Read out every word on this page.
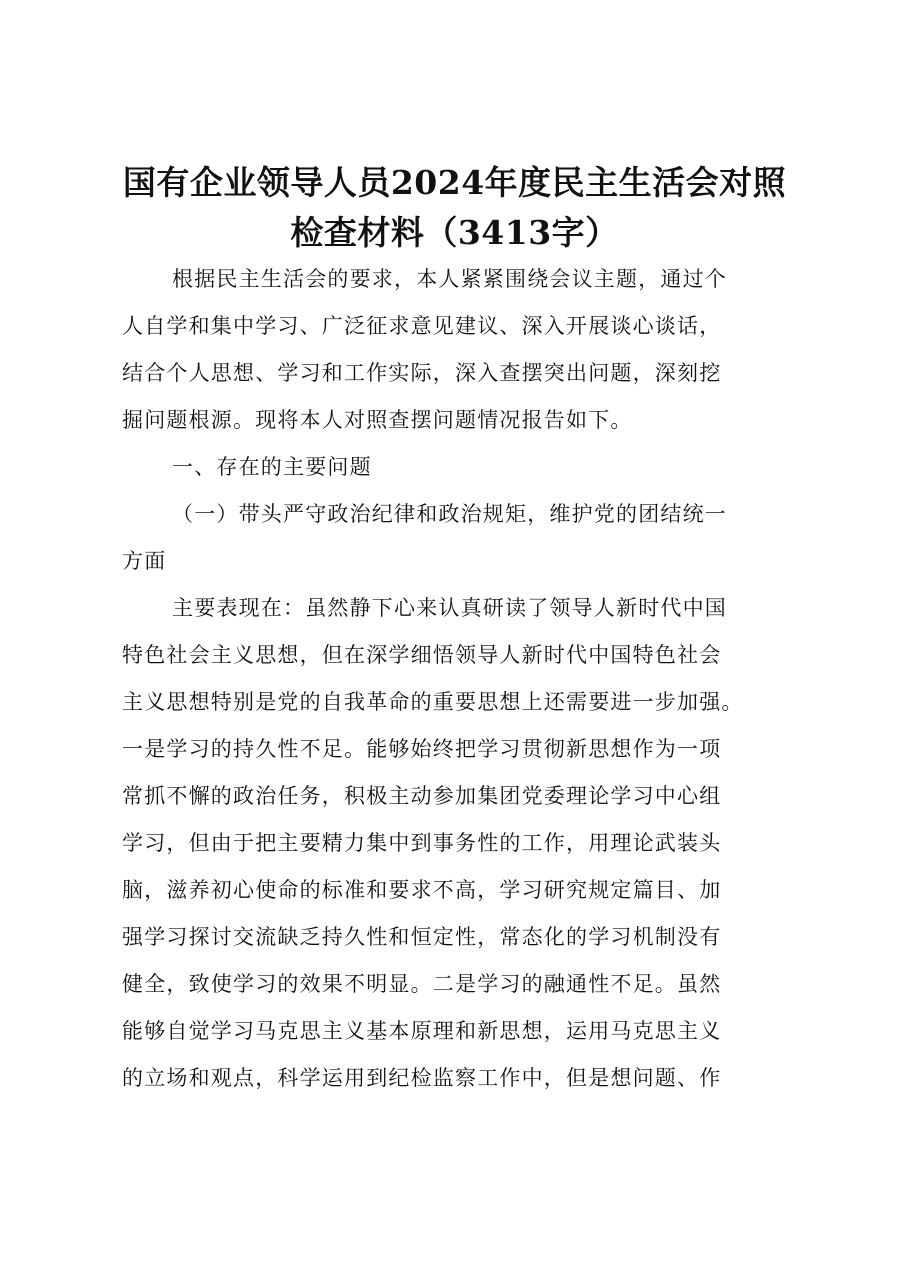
国有企业领导人员2024年度民主生活会对照
检查材料（3413字）
根据民主生活会的要求，本人紧紧围绕会议主题，通过个
人自学和集中学习、广泛征求意见建议、深入开展谈心谈话，
结合个人思想、学习和工作实际，深入查摆突出问题，深刻挖
掘问题根源。现将本人对照查摆问题情况报告如下。
一、存在的主要问题
（一）带头严守政治纪律和政治规矩，维护党的团结统一
方面
主要表现在：虽然静下心来认真研读了领导人新时代中国
特色社会主义思想，但在深学细悟领导人新时代中国特色社会
主义思想特别是党的自我革命的重要思想上还需要进一步加强。
一是学习的持久性不足。能够始终把学习贯彻新思想作为一项
常抓不懈的政治任务，积极主动参加集团党委理论学习中心组
学习，但由于把主要精力集中到事务性的工作，用理论武装头
脑，滋养初心使命的标准和要求不高，学习研究规定篇目、加
强学习探讨交流缺乏持久性和恒定性，常态化的学习机制没有
健全，致使学习的效果不明显。二是学习的融通性不足。虽然
能够自觉学习马克思主义基本原理和新思想，运用马克思主义
的立场和观点，科学运用到纪检监察工作中，但是想问题、作
